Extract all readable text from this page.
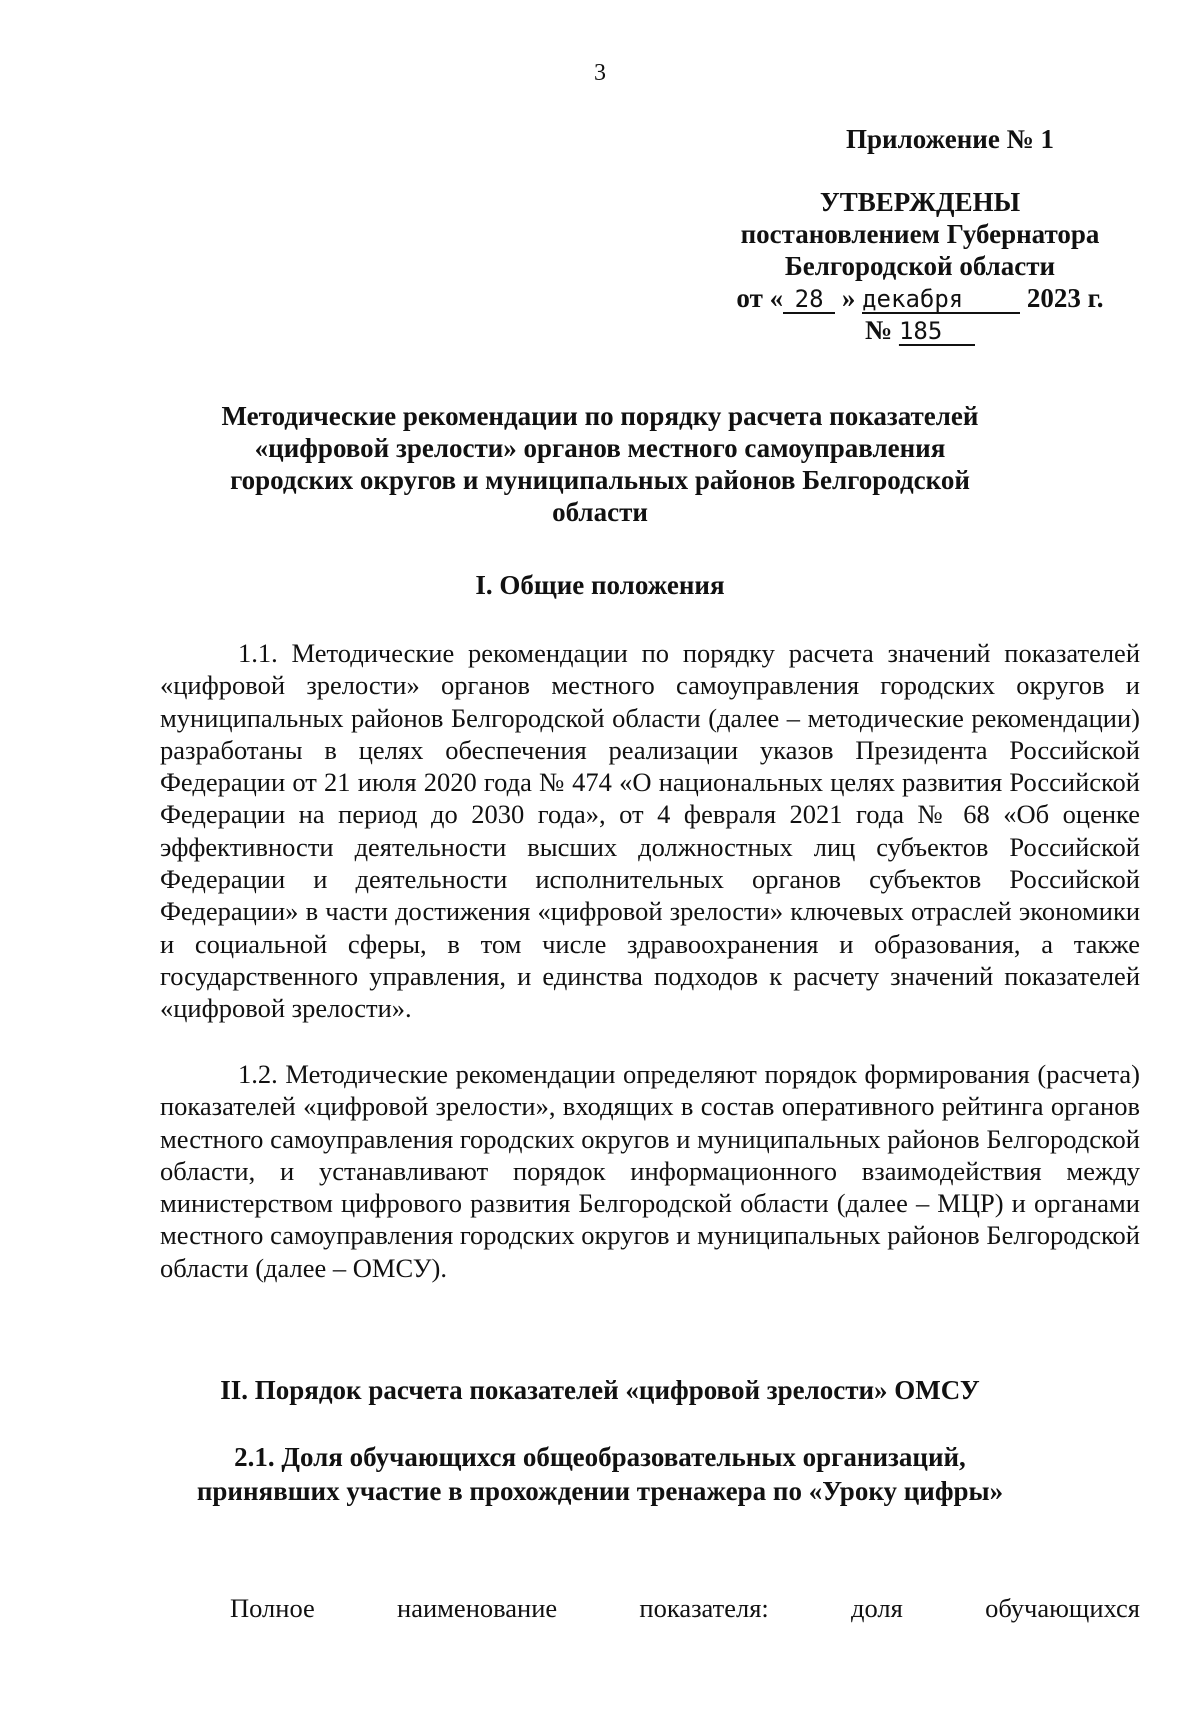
3
Приложение № 1
УТВЕРЖДЕНЫ
постановлением Губернатора
Белгородской области
от « 28 » декабря 2023 г.
№ 185
Методические рекомендации по порядку расчета показателей
«цифровой зрелости» органов местного самоуправления
городских округов и муниципальных районов Белгородской
области
I. Общие положения

1.1. Методические рекомендации по порядку расчета значений показателей «цифровой зрелости» органов местного самоуправления городских округов и муниципальных районов Белгородской области (далее – методические рекомендации) разработаны в целях обеспечения реализации указов Президента Российской Федерации от 21 июля 2020 года № 474 «О национальных целях развития Российской Федерации на период до 2030 года», от 4 февраля 2021 года № 68 «Об оценке эффективности деятельности высших должностных лиц субъектов Российской Федерации и деятельности исполнительных органов субъектов Российской Федерации» в части достижения «цифровой зрелости» ключевых отраслей экономики и социальной сферы, в том числе здравоохранения и образования, а также государственного управления, и единства подходов к расчету значений показателей «цифровой зрелости».

1.2. Методические рекомендации определяют порядок формирования (расчета) показателей «цифровой зрелости», входящих в состав оперативного рейтинга органов местного самоуправления городских округов и муниципальных районов Белгородской области, и устанавливают порядок информационного взаимодействия между министерством цифрового развития Белгородской области (далее – МЦР) и органами местного самоуправления городских округов и муниципальных районов Белгородской области (далее – ОМСУ).

II. Порядок расчета показателей «цифровой зрелости» ОМСУ
2.1. Доля обучающихся общеобразовательных организаций,
принявших участие в прохождении тренажера по «Уроку цифры»
Полное	наименование	показателя:	доля	обучающихся
